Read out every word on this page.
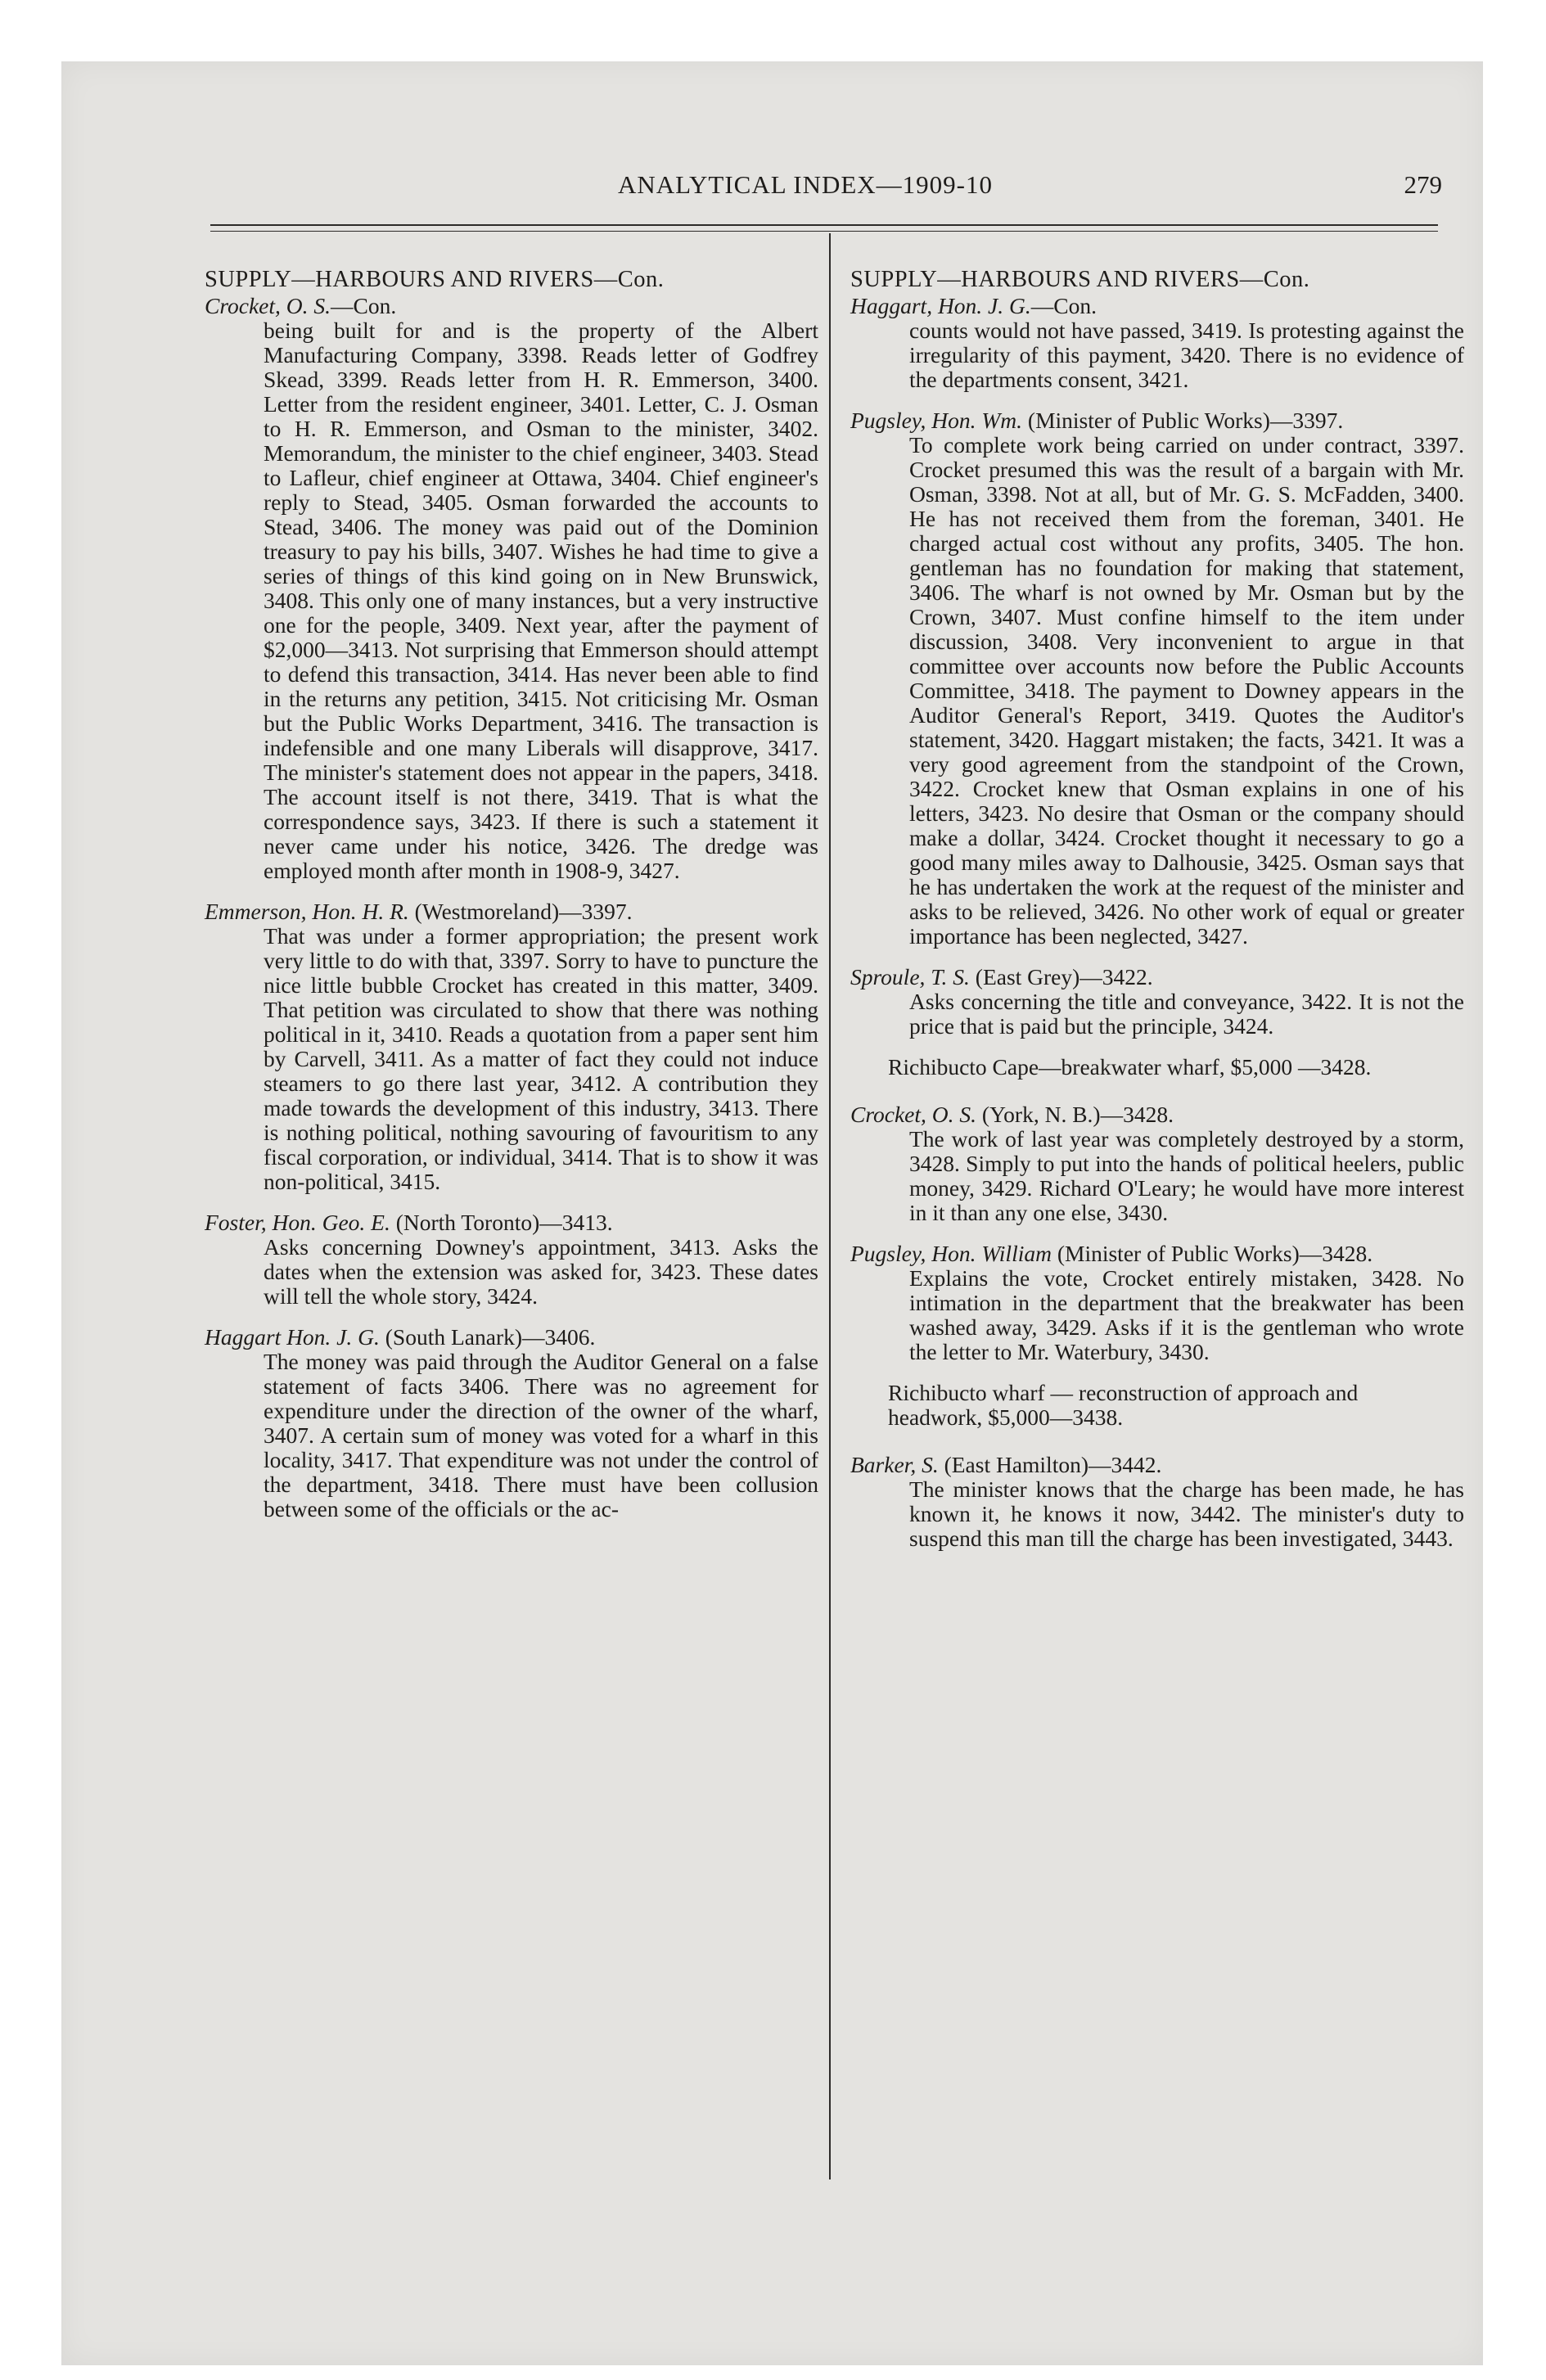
ANALYTICAL INDEX—1909-10	279
SUPPLY—HARBOURS AND RIVERS—Con.
Crocket, O. S.—Con.
being built for and is the property of the Albert Manufacturing Company, 3398. Reads letter of Godfrey Skead, 3399. Reads letter from H. R. Emmerson, 3400. Letter from the resident engineer, 3401. Letter, C. J. Osman to H. R. Emmerson, and Osman to the minister, 3402. Memorandum, the minister to the chief engineer, 3403. Stead to Lafleur, chief engineer at Ottawa, 3404. Chief engineer's reply to Stead, 3405. Osman forwarded the accounts to Stead, 3406. The money was paid out of the Dominion treasury to pay his bills, 3407. Wishes he had time to give a series of things of this kind going on in New Brunswick, 3408. This only one of many instances, but a very instructive one for the people, 3409. Next year, after the payment of $2,000—3413. Not surprising that Emmerson should attempt to defend this transaction, 3414. Has never been able to find in the returns any petition, 3415. Not criticising Mr. Osman but the Public Works Department, 3416. The transaction is indefensible and one many Liberals will disapprove, 3417. The minister's statement does not appear in the papers, 3418. The account itself is not there, 3419. That is what the correspondence says, 3423. If there is such a statement it never came under his notice, 3426. The dredge was employed month after month in 1908-9, 3427.
Emmerson, Hon. H. R. (Westmoreland)—3397.
That was under a former appropriation; the present work very little to do with that, 3397. Sorry to have to puncture the nice little bubble Crocket has created in this matter, 3409. That petition was circulated to show that there was nothing political in it, 3410. Reads a quotation from a paper sent him by Carvell, 3411. As a matter of fact they could not induce steamers to go there last year, 3412. A contribution they made towards the development of this industry, 3413. There is nothing political, nothing savouring of favouritism to any fiscal corporation, or individual, 3414. That is to show it was non-political, 3415.
Foster, Hon. Geo. E. (North Toronto)—3413.
Asks concerning Downey's appointment, 3413. Asks the dates when the extension was asked for, 3423. These dates will tell the whole story, 3424.
Haggart Hon. J. G. (South Lanark)—3406.
The money was paid through the Auditor General on a false statement of facts 3406. There was no agreement for expenditure under the direction of the owner of the wharf, 3407. A certain sum of money was voted for a wharf in this locality, 3417. That expenditure was not under the control of the department, 3418. There must have been collusion between some of the officials or the ac-
SUPPLY—HARBOURS AND RIVERS—Con.
Haggart, Hon. J. G.—Con.
counts would not have passed, 3419. Is protesting against the irregularity of this payment, 3420. There is no evidence of the departments consent, 3421.
Pugsley, Hon. Wm. (Minister of Public Works)—3397.
To complete work being carried on under contract, 3397. Crocket presumed this was the result of a bargain with Mr. Osman, 3398. Not at all, but of Mr. G. S. McFadden, 3400. He has not received them from the foreman, 3401. He charged actual cost without any profits, 3405. The hon. gentleman has no foundation for making that statement, 3406. The wharf is not owned by Mr. Osman but by the Crown, 3407. Must confine himself to the item under discussion, 3408. Very inconvenient to argue in that committee over accounts now before the Public Accounts Committee, 3418. The payment to Downey appears in the Auditor General's Report, 3419. Quotes the Auditor's statement, 3420. Haggart mistaken; the facts, 3421. It was a very good agreement from the standpoint of the Crown, 3422. Crocket knew that Osman explains in one of his letters, 3423. No desire that Osman or the company should make a dollar, 3424. Crocket thought it necessary to go a good many miles away to Dalhousie, 3425. Osman says that he has undertaken the work at the request of the minister and asks to be relieved, 3426. No other work of equal or greater importance has been neglected, 3427.
Sproule, T. S. (East Grey)—3422.
Asks concerning the title and conveyance, 3422. It is not the price that is paid but the principle, 3424.
Richibucto Cape—breakwater wharf, $5,000 —3428.
Crocket, O. S. (York, N. B.)—3428.
The work of last year was completely destroyed by a storm, 3428. Simply to put into the hands of political heelers, public money, 3429. Richard O'Leary; he would have more interest in it than any one else, 3430.
Pugsley, Hon. William (Minister of Public Works)—3428.
Explains the vote, Crocket entirely mistaken, 3428. No intimation in the department that the breakwater has been washed away, 3429. Asks if it is the gentleman who wrote the letter to Mr. Waterbury, 3430.
Richibucto wharf — reconstruction of approach and headwork, $5,000—3438.
Barker, S. (East Hamilton)—3442.
The minister knows that the charge has been made, he has known it, he knows it now, 3442. The minister's duty to suspend this man till the charge has been investigated, 3443.
